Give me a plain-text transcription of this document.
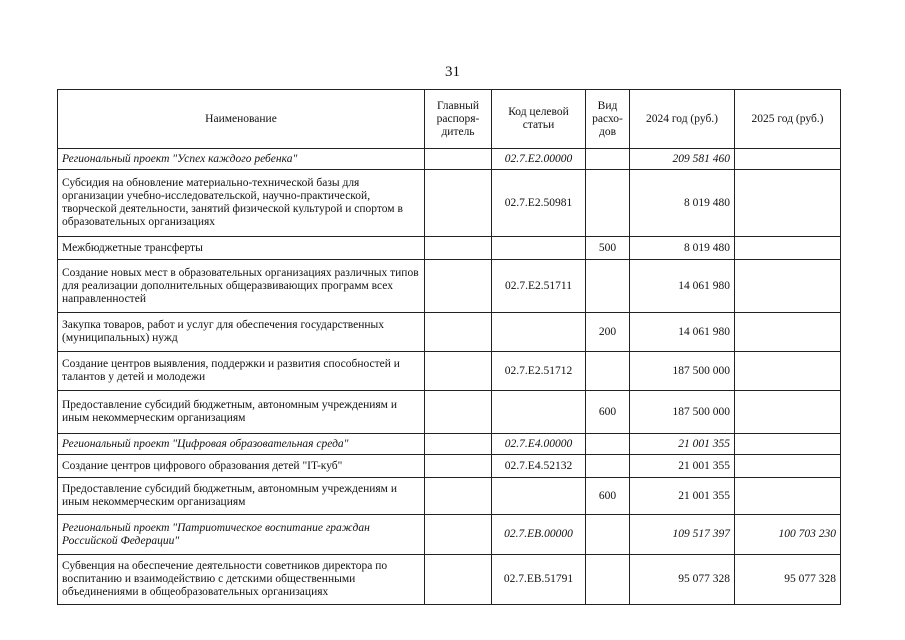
31
Наименование	Главный распоря-дитель	Код целевой статьи	Вид расхо-дов	2024 год (руб.)	2025 год (руб.)
Региональный проект "Успех каждого ребенка"		02.7.E2.00000		209 581 460	
Субсидия на обновление материально-технической базы для организации учебно-исследовательской, научно-практической, творческой деятельности, занятий физической культурой и спортом в образовательных организациях		02.7.E2.50981		8 019 480	
Межбюджетные трансферты			500	8 019 480	
Создание новых мест в образовательных организациях различных типов для реализации дополнительных общеразвивающих программ всех направленностей		02.7.E2.51711		14 061 980	
Закупка товаров, работ и услуг для обеспечения государственных (муниципальных) нужд			200	14 061 980	
Создание центров выявления, поддержки и развития способностей и талантов у детей и молодежи		02.7.E2.51712		187 500 000	
Предоставление субсидий бюджетным, автономным учреждениям и иным некоммерческим организациям			600	187 500 000	
Региональный проект "Цифровая образовательная среда"		02.7.E4.00000		21 001 355	
Создание центров цифрового образования детей "IT-куб"		02.7.E4.52132		21 001 355	
Предоставление субсидий бюджетным, автономным учреждениям и иным некоммерческим организациям			600	21 001 355	
Региональный проект "Патриотическое воспитание граждан Российской Федерации"		02.7.EB.00000		109 517 397	100 703 230
Субвенция на обеспечение деятельности советников директора по воспитанию и взаимодействию с детскими общественными объединениями в общеобразовательных организациях		02.7.EB.51791		95 077 328	95 077 328
